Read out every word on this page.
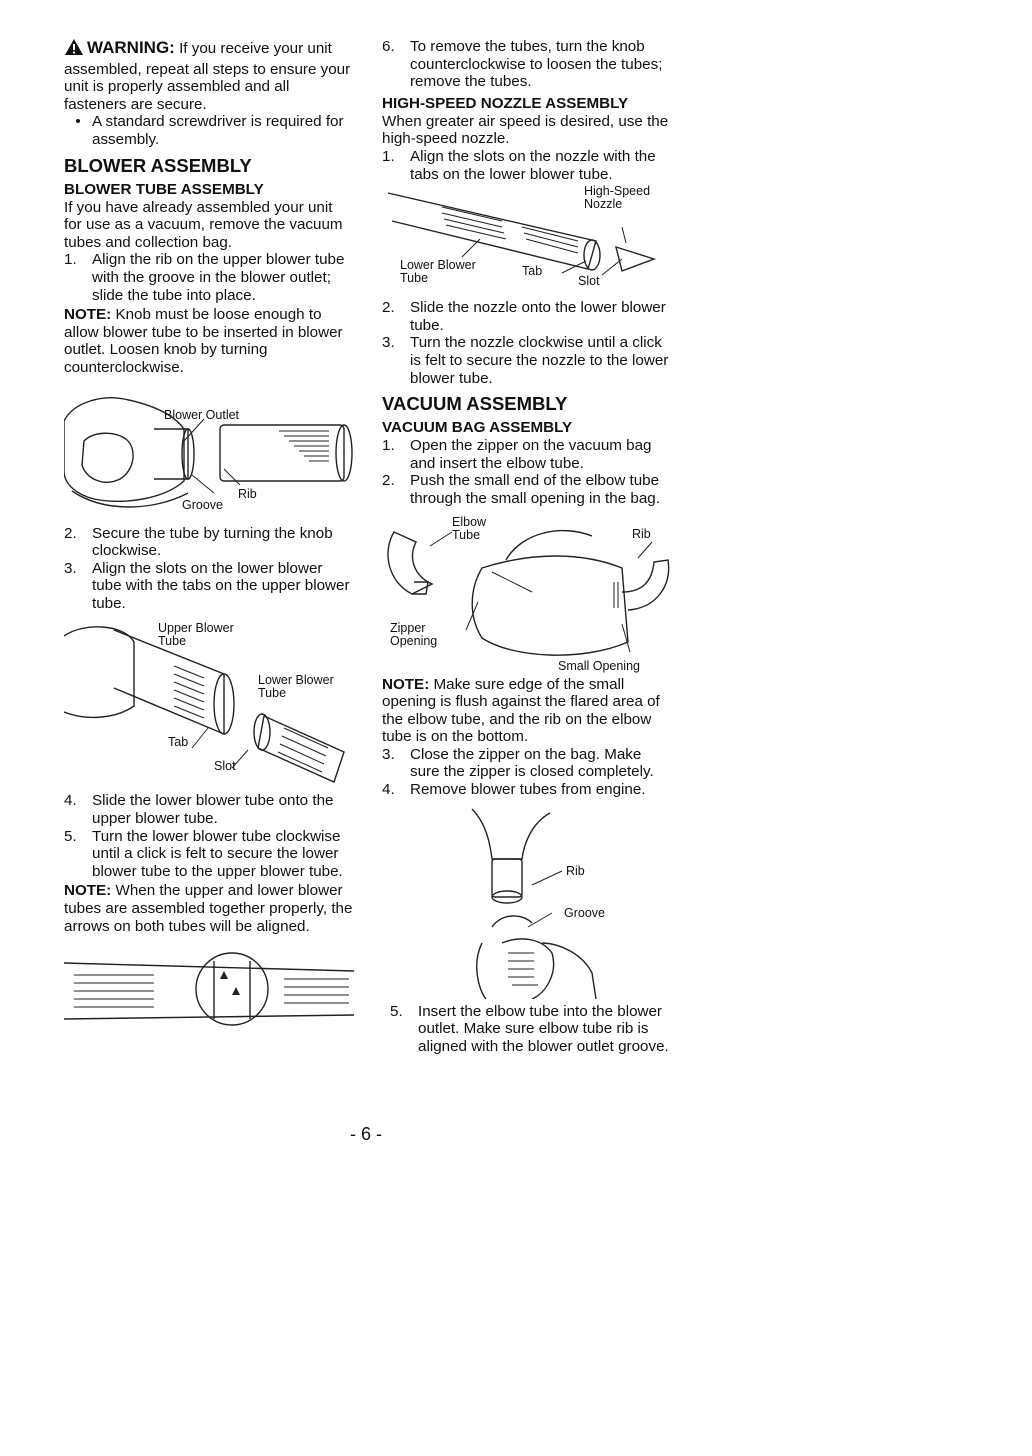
WARNING: If you receive your unit assembled, repeat all steps to ensure your unit is properly assembled and all fasteners are secure.

• A standard screwdriver is required for assembly.

BLOWER ASSEMBLY

BLOWER TUBE ASSEMBLY

If you have already assembled your unit for use as a vacuum, remove the vacuum tubes and collection bag.

1.	Align the rib on the upper blower tube with the groove in the blower outlet; slide the tube into place.

NOTE: Knob must be loose enough to allow blower tube to be inserted in blower outlet. Loosen knob by turning counterclockwise.

Blower Outlet
Rib
Groove
2.	Secure the tube by turning the knob clockwise.
3.	Align the slots on the lower blower tube with the tabs on the upper blower tube.
Upper Blower
Tube
Lower Blower
Tube
Tab
Slot
4.	Slide the lower blower tube onto the upper blower tube.
5.	Turn the lower blower tube clockwise until a click is felt to secure the lower blower tube to the upper blower tube.

NOTE: When the upper and lower blower tubes are assembled together properly, the arrows on both tubes will be aligned.

6.	To remove the tubes, turn the knob counterclockwise to loosen the tubes; remove the tubes.

HIGH-SPEED NOZZLE ASSEMBLY

When greater air speed is desired, use the high-speed nozzle.

1.	Align the slots on the nozzle with the tabs on the lower blower tube.
High-Speed
Nozzle
Lower Blower
Tube	Tab
Slot
2.	Slide the nozzle onto the lower blower tube.
3.	Turn the nozzle clockwise until a click is felt to secure the nozzle to the lower blower tube.

VACUUM ASSEMBLY

VACUUM BAG ASSEMBLY

1.	Open the zipper on the vacuum bag and insert the elbow tube.
2.	Push the small end of the elbow tube through the small opening in the bag.
Elbow
Tube	Rib
Zipper
Opening
Small Opening

NOTE: Make sure edge of the small opening is flush against the flared area of the elbow tube, and the rib on the elbow tube is on the bottom.

3.	Close the zipper on the bag. Make sure the zipper is closed completely.
4.	Remove blower tubes from engine.
Rib
Groove
5.	Insert the elbow tube into the blower outlet. Make sure elbow tube rib is aligned with the blower outlet groove.
- 6 -
